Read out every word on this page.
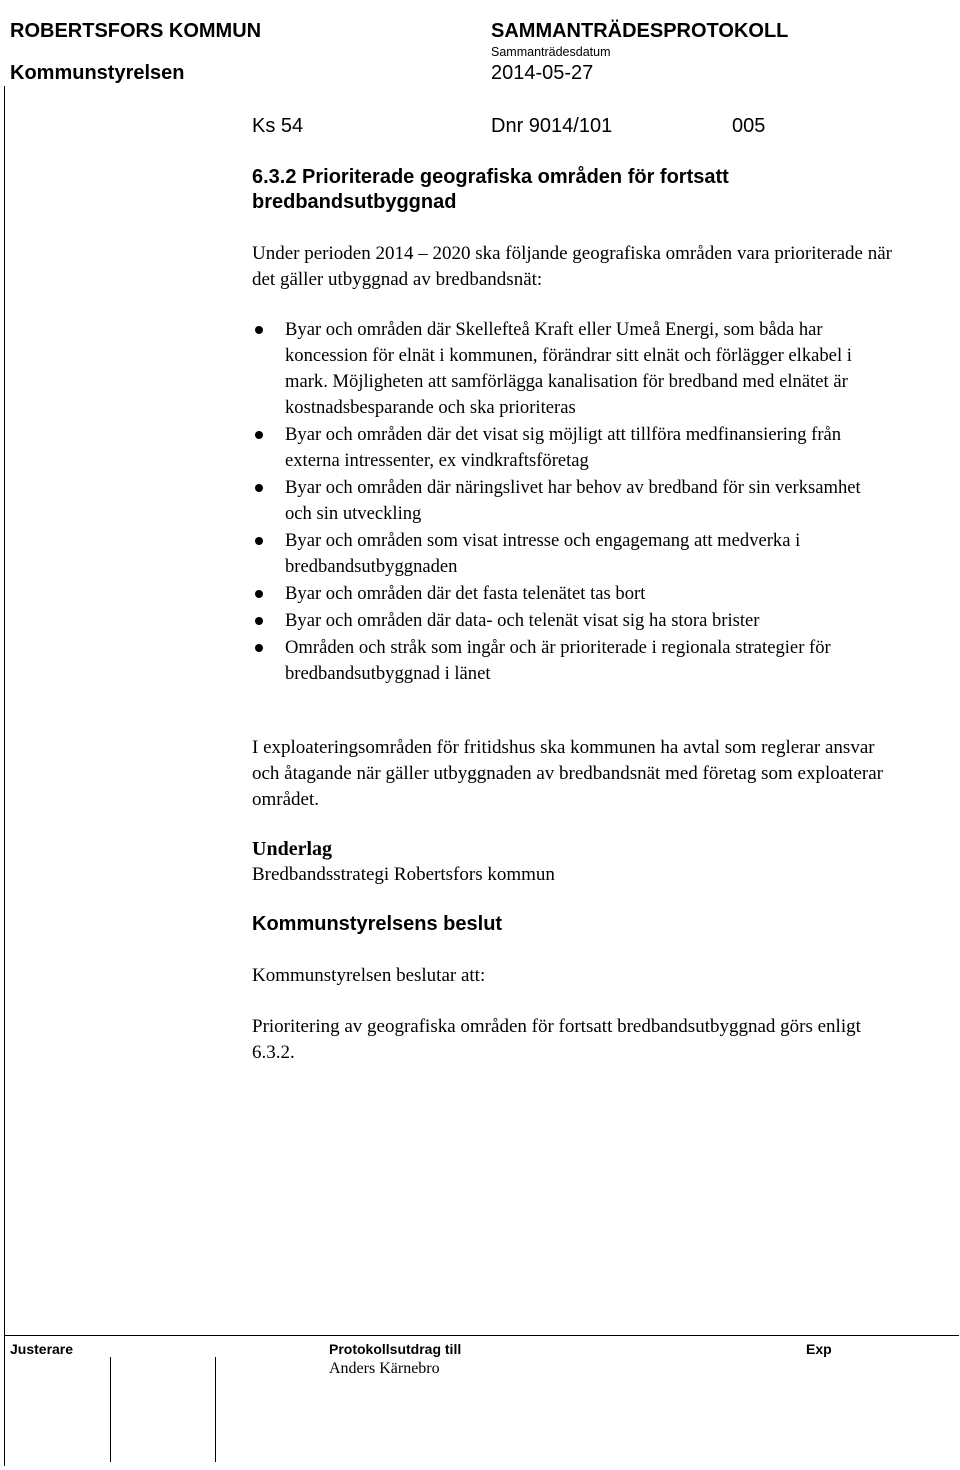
ROBERTSFORS KOMMUN	SAMMANTRÄDESPROTOKOLL
Sammanträdesdatum
Kommunstyrelsen	2014-05-27
Ks 54	Dnr 9014/101	005
6.3.2 Prioriterade geografiska områden för fortsatt bredbandsutbyggnad
Under perioden 2014 – 2020 ska följande geografiska områden vara prioriterade när det gäller utbyggnad av bredbandsnät:
Byar och områden där Skellefteå Kraft eller Umeå Energi, som båda har koncession för elnät i kommunen, förändrar sitt elnät och förlägger elkabel i mark. Möjligheten att samförlägga kanalisation för bredband med elnätet är kostnadsbesparande och ska prioriteras
Byar och områden där det visat sig möjligt att tillföra medfinansiering från externa intressenter, ex vindkraftsföretag
Byar och områden där näringslivet har behov av bredband för sin verksamhet och sin utveckling
Byar och områden som visat intresse och engagemang att medverka i bredbandsutbyggnaden
Byar och områden där det fasta telenätet tas bort
Byar och områden där data- och telenät visat sig ha stora brister
Områden och stråk som ingår och är prioriterade i regionala strategier för bredbandsutbyggnad i länet
I exploateringsområden för fritidshus ska kommunen ha avtal som reglerar ansvar och åtagande när gäller utbyggnaden av bredbandsnät med företag som exploaterar området.
Underlag
Bredbandsstrategi Robertsfors kommun
Kommunstyrelsens beslut
Kommunstyrelsen beslutar att:
Prioritering av geografiska områden för fortsatt bredbandsutbyggnad görs enligt 6.3.2.
Justerare	Protokollsutdrag till
Anders Kärnebro
Exp
